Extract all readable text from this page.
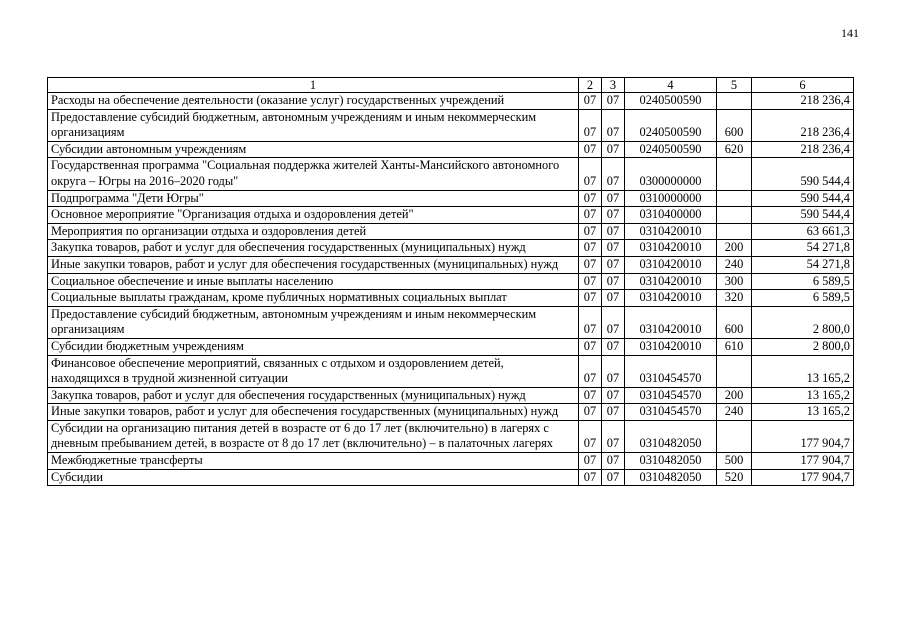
141
1	2	3	4	5	6
Расходы на обеспечение деятельности (оказание услуг) государственных учреждений	07	07	0240500590		218 236,4
Предоставление субсидий бюджетным, автономным учреждениям и иным некоммерческим организациям	07	07	0240500590	600	218 236,4
Субсидии автономным учреждениям	07	07	0240500590	620	218 236,4
Государственная программа "Социальная поддержка жителей Ханты-Мансийского автономного округа – Югры на 2016–2020 годы"	07	07	0300000000		590 544,4
Подпрограмма "Дети Югры"	07	07	0310000000		590 544,4
Основное мероприятие "Организация отдыха и оздоровления детей"	07	07	0310400000		590 544,4
Мероприятия по организации отдыха и оздоровления детей	07	07	0310420010		63 661,3
Закупка товаров, работ и услуг для обеспечения государственных (муниципальных) нужд	07	07	0310420010	200	54 271,8
Иные закупки товаров, работ и услуг для обеспечения государственных (муниципальных) нужд	07	07	0310420010	240	54 271,8
Социальное обеспечение и иные выплаты населению	07	07	0310420010	300	6 589,5
Социальные выплаты гражданам, кроме публичных нормативных социальных выплат	07	07	0310420010	320	6 589,5
Предоставление субсидий бюджетным, автономным учреждениям и иным некоммерческим организациям	07	07	0310420010	600	2 800,0
Субсидии бюджетным учреждениям	07	07	0310420010	610	2 800,0
Финансовое обеспечение мероприятий, связанных с отдыхом и оздоровлением детей, находящихся в трудной жизненной ситуации	07	07	0310454570		13 165,2
Закупка товаров, работ и услуг для обеспечения государственных (муниципальных) нужд	07	07	0310454570	200	13 165,2
Иные закупки товаров, работ и услуг для обеспечения государственных (муниципальных) нужд	07	07	0310454570	240	13 165,2
Субсидии на организацию питания детей в возрасте от 6 до 17 лет (включительно) в лагерях с дневным пребыванием детей, в возрасте от 8 до 17 лет (включительно) – в палаточных лагерях	07	07	0310482050		177 904,7
Межбюджетные трансферты	07	07	0310482050	500	177 904,7
Субсидии	07	07	0310482050	520	177 904,7
